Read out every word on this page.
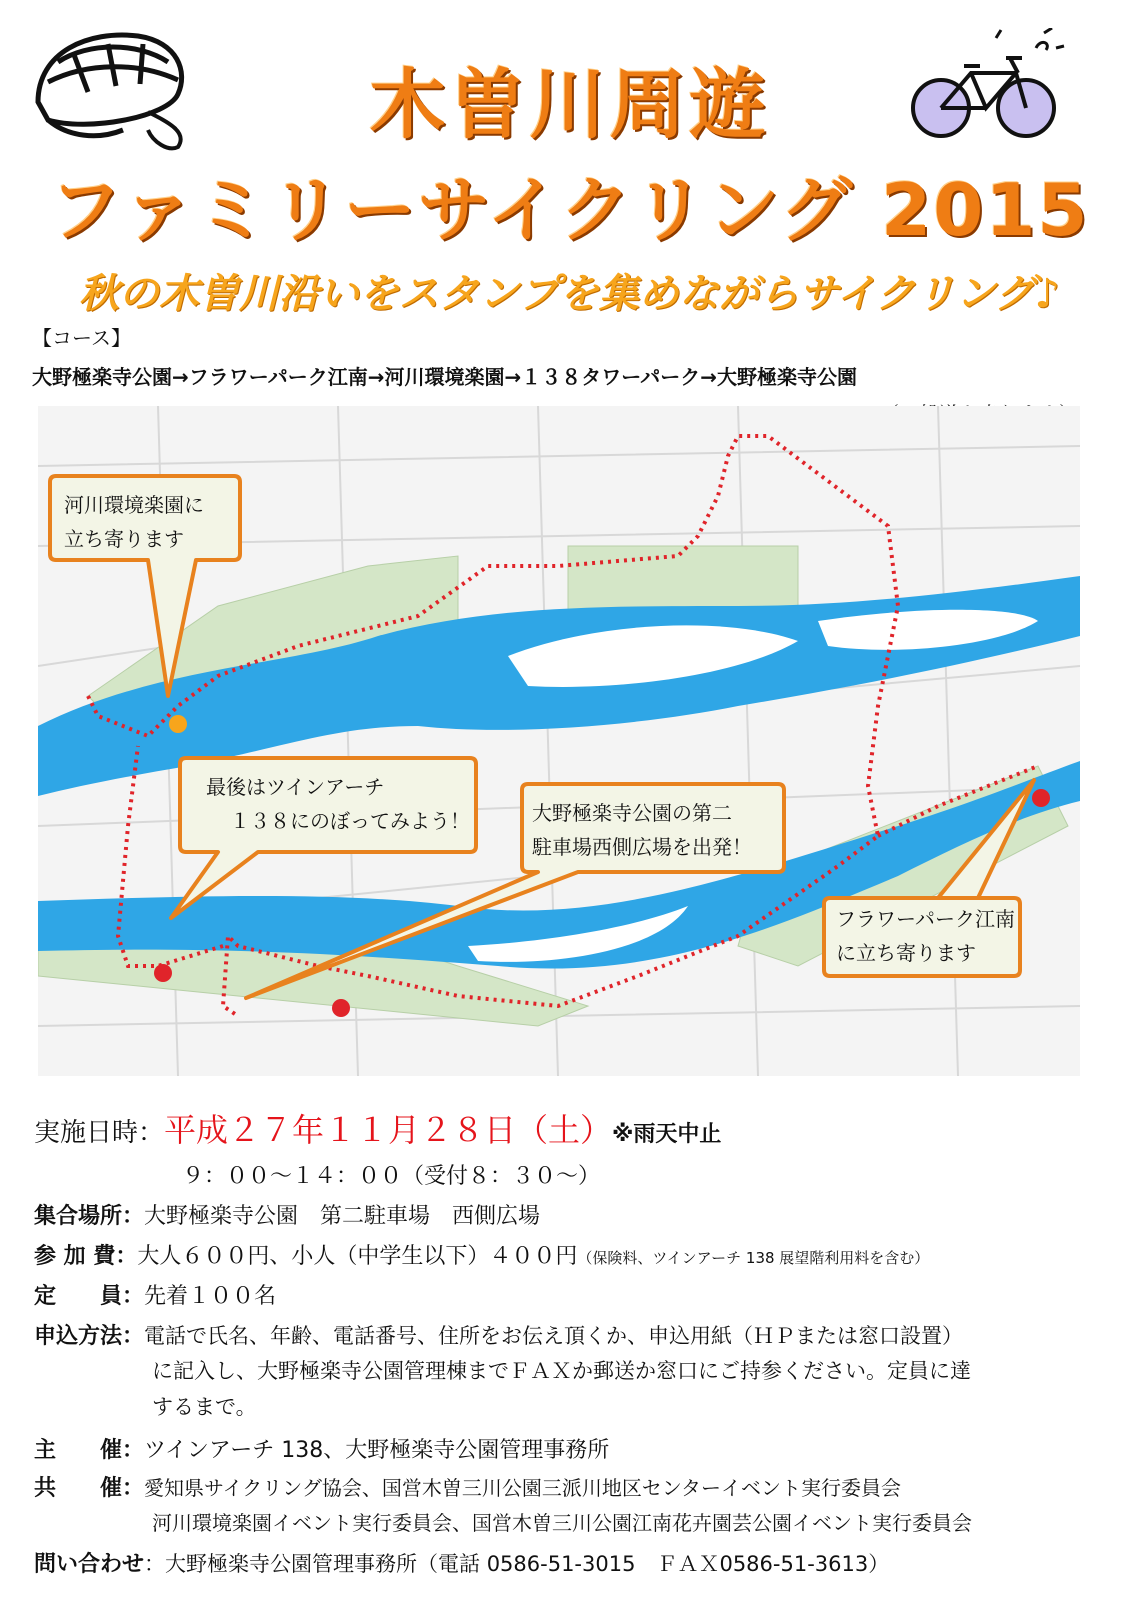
木曽川周遊
ファミリーサイクリング 2015
秋の木曽川沿いをスタンプを集めながらサイクリング♪
【コース】
大野極楽寺公園→フラワーパーク江南→河川環境楽園→１３８タワーパーク→大野極楽寺公園
河川環境楽園に
立ち寄ります
最後はツインアーチ
１３８にのぼってみよう！	大野極楽寺公園の第二
駐車場西側広場を出発！
フラワーパーク江南
に立ち寄ります
実施日時：平成２７年１１月２８日（土）※雨天中止
９：００～１４：００（受付８：３０～）
集合場所：大野極楽寺公園　第二駐車場　西側広場
参 加 費：大人６００円、小人（中学生以下）４００円（保険料、ツインアーチ 138 展望階利用料を含む）
定　　員：先着１００名
申込方法：電話で氏名、年齢、電話番号、住所をお伝え頂くか、申込用紙（ＨＰまたは窓口設置）
に記入し、大野極楽寺公園管理棟までＦＡＸか郵送か窓口にご持参ください。定員に達
するまで。
主　　催：ツインアーチ 138、大野極楽寺公園管理事務所
共　　催：愛知県サイクリング協会、国営木曽三川公園三派川地区センターイベント実行委員会
河川環境楽園イベント実行委員会、国営木曽三川公園江南花卉園芸公園イベント実行委員会
問い合わせ：大野極楽寺公園管理事務所（電話 0586-51-3015　ＦＡＸ0586-51-3613）
